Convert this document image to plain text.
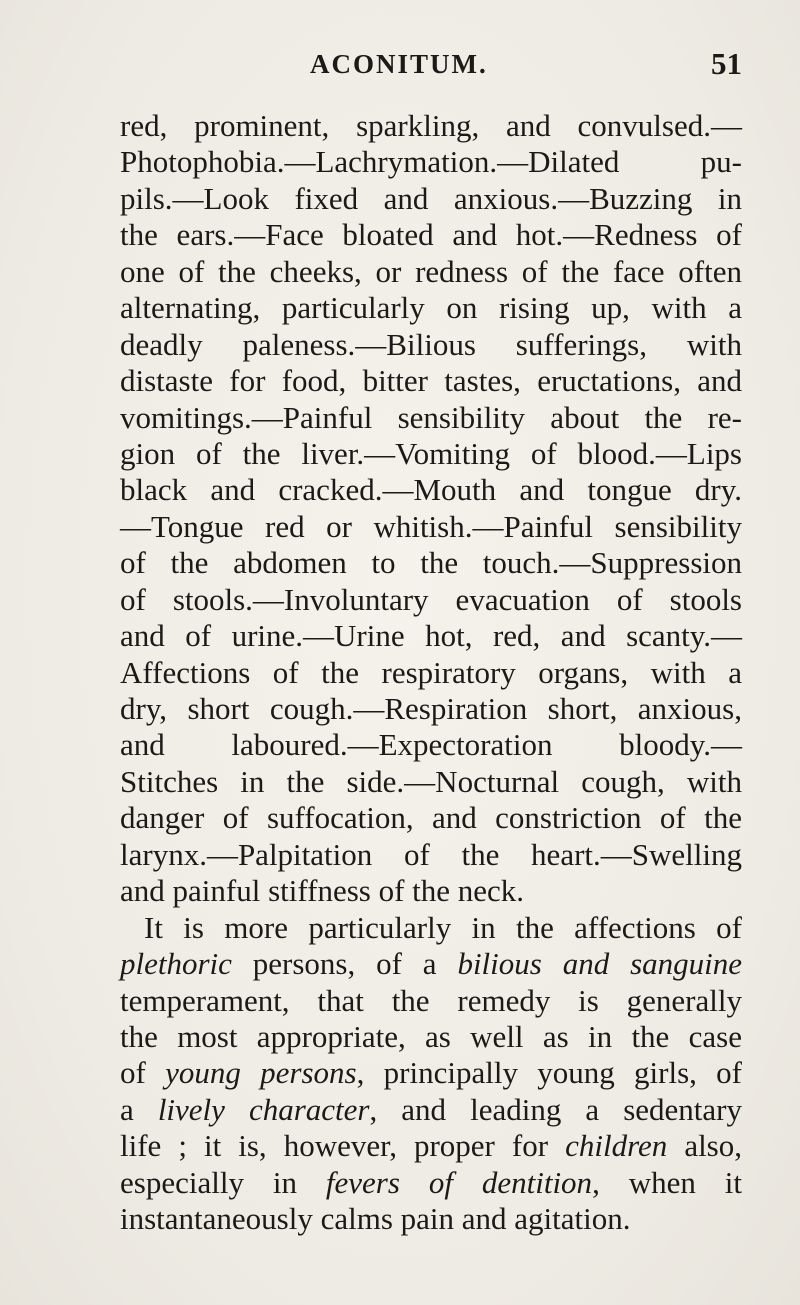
ACONITUM.	51
red, prominent, sparkling, and convulsed.—
Photophobia.—Lachrymation.—Dilated pu-
pils.—Look fixed and anxious.—Buzzing in
the ears.—Face bloated and hot.—Redness of
one of the cheeks, or redness of the face often
alternating, particularly on rising up, with a
deadly paleness.—Bilious sufferings, with
distaste for food, bitter tastes, eructations, and
vomitings.—Painful sensibility about the re-
gion of the liver.—Vomiting of blood.—Lips
black and cracked.—Mouth and tongue dry.
—Tongue red or whitish.—Painful sensibility
of the abdomen to the touch.—Suppression
of stools.—Involuntary evacuation of stools
and of urine.—Urine hot, red, and scanty.—
Affections of the respiratory organs, with a
dry, short cough.—Respiration short, anxious,
and laboured.—Expectoration bloody.—
Stitches in the side.—Nocturnal cough, with
danger of suffocation, and constriction of the
larynx.—Palpitation of the heart.—Swelling
and painful stiffness of the neck.
It is more particularly in the affections of
plethoric persons, of a bilious and sanguine
temperament, that the remedy is generally
the most appropriate, as well as in the case
of young persons, principally young girls, of
a lively character, and leading a sedentary
life ; it is, however, proper for children also,
especially in fevers of dentition, when it
instantaneously calms pain and agitation.
